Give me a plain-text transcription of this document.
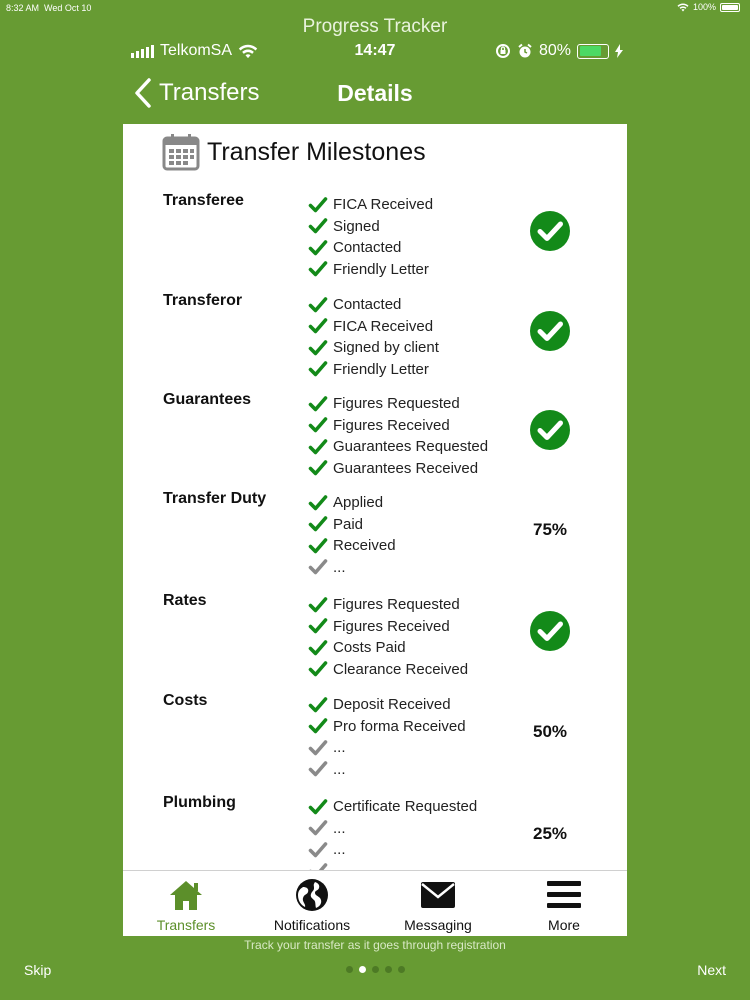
8:32 AM Wed Oct 10	100%
Progress Tracker
TelkomSA	14:47	80%
Transfers	Details
Transfer Milestones
Transferee	FICA Received
Signed
Contacted
Friendly Letter
Transferor	Contacted
FICA Received
Signed by client
Friendly Letter
Guarantees	Figures Requested
Figures Received
Guarantees Requested
Guarantees Received
Transfer Duty	Applied
Paid
Received
...
75%
Rates	Figures Requested
Figures Received
Costs Paid
Clearance Received
Costs	Deposit Received
Pro forma Received
...
...
50%
Plumbing	Certificate Requested
...
...
25%
Transfers	Notifications	Messaging	More
Track your transfer as it goes through registration
Skip	Next
